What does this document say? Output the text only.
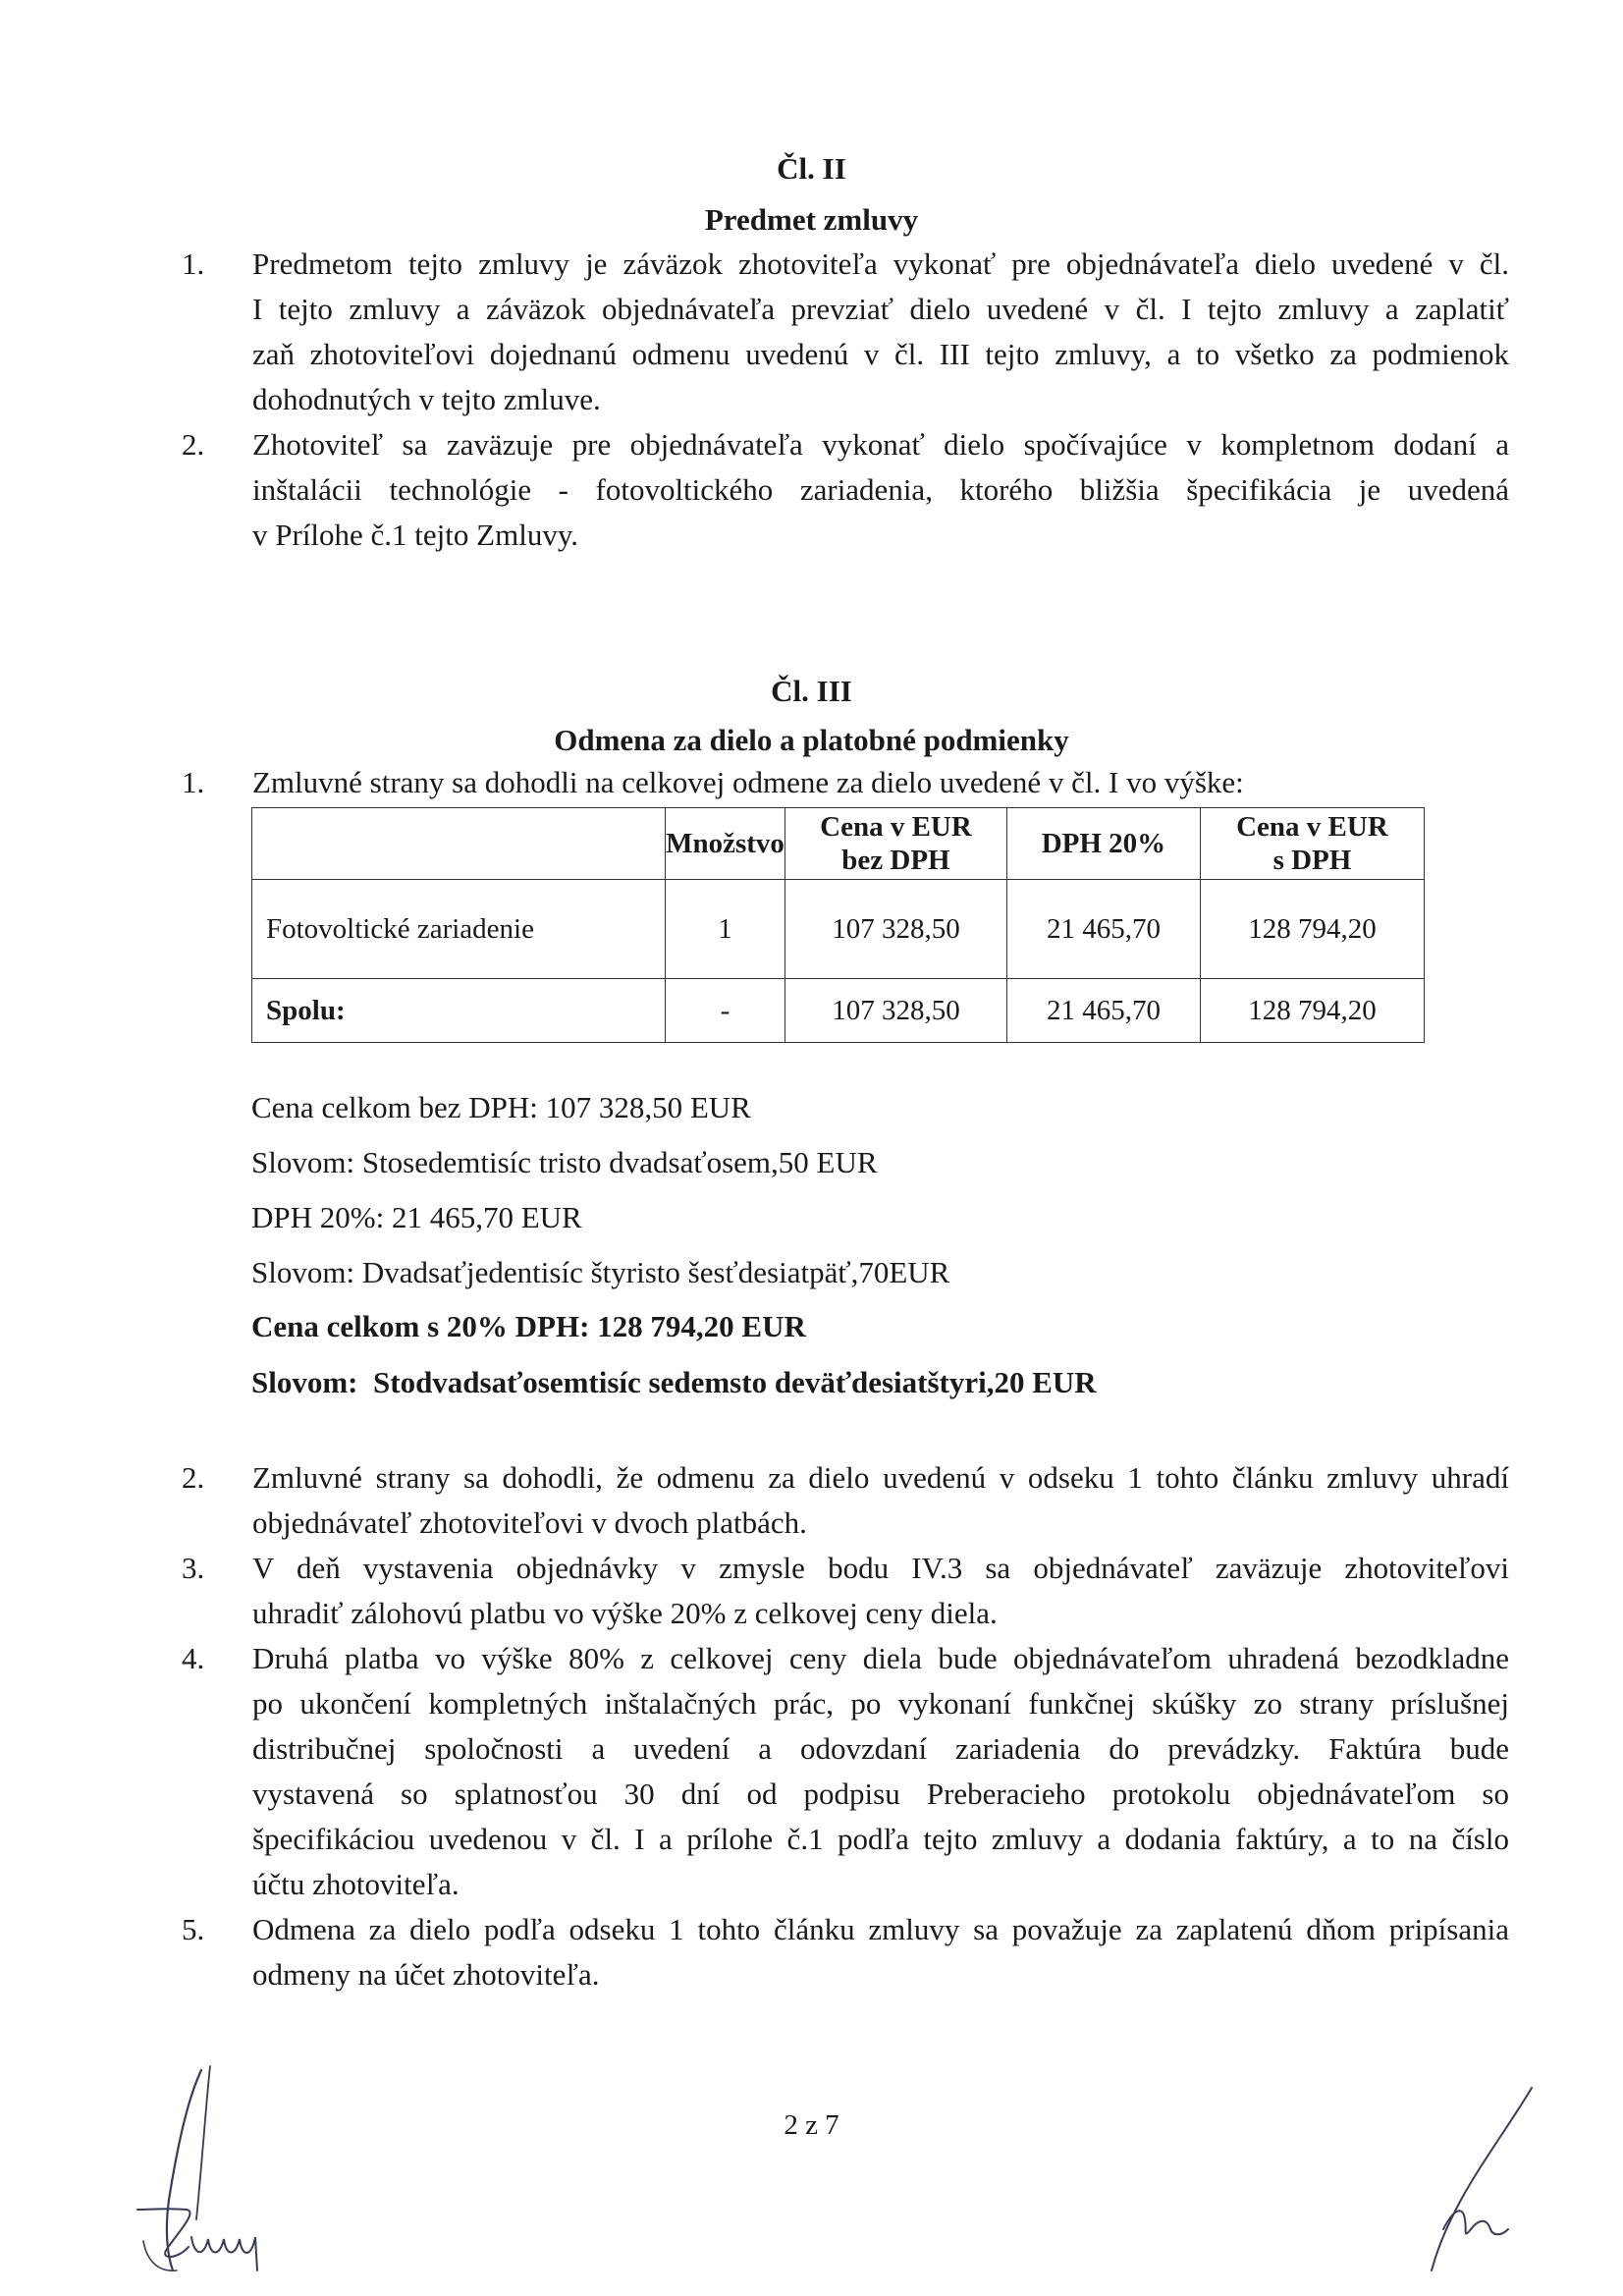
Čl. II
Predmet zmluvy
1.	Predmetom tejto zmluvy je záväzok zhotoviteľa vykonať pre objednávateľa dielo uvedené v čl.
I tejto zmluvy a záväzok objednávateľa prevziať dielo uvedené v čl. I tejto zmluvy a zaplatiť
zaň zhotoviteľovi dojednanú odmenu uvedenú v čl. III tejto zmluvy, a to všetko za podmienok
dohodnutých v tejto zmluve.
2.	Zhotoviteľ sa zaväzuje pre objednávateľa vykonať dielo spočívajúce v kompletnom dodaní a
inštalácii technológie - fotovoltického zariadenia, ktorého bližšia špecifikácia je uvedená
v Prílohe č.1 tejto Zmluvy.
Čl. III
Odmena za dielo a platobné podmienky
1.	Zmluvné strany sa dohodli na celkovej odmene za dielo uvedené v čl. I vo výške:
	Množstvo	Cena v EUR
bez DPH	DPH 20%	Cena v EUR
s DPH
Fotovoltické zariadenie	1	107 328,50	21 465,70	128 794,20
Spolu:	-	107 328,50	21 465,70	128 794,20
Cena celkom bez DPH: 107 328,50 EUR
Slovom: Stosedemtisíc tristo dvadsaťosem,50 EUR
DPH 20%: 21 465,70 EUR
Slovom: Dvadsaťjedentisíc štyristo šesťdesiatpäť,70EUR
Cena celkom s 20% DPH: 128 794,20 EUR
Slovom:  Stodvadsaťosemtisíc sedemsto deväťdesiatštyri,20 EUR
2.	Zmluvné strany sa dohodli, že odmenu za dielo uvedenú v odseku 1 tohto článku zmluvy uhradí
objednávateľ zhotoviteľovi v dvoch platbách.
3.	V deň vystavenia objednávky v zmysle bodu IV.3 sa objednávateľ zaväzuje zhotoviteľovi
uhradiť zálohovú platbu vo výške 20% z celkovej ceny diela.
4.	Druhá platba vo výške 80% z celkovej ceny diela bude objednávateľom uhradená bezodkladne
po ukončení kompletných inštalačných prác, po vykonaní funkčnej skúšky zo strany príslušnej
distribučnej spoločnosti a uvedení a odovzdaní zariadenia do prevádzky. Faktúra bude
vystavená so splatnosťou 30 dní od podpisu Preberacieho protokolu objednávateľom so
špecifikáciou uvedenou v čl. I a prílohe č.1 podľa tejto zmluvy a dodania faktúry, a to na číslo
účtu zhotoviteľa.
5.	Odmena za dielo podľa odseku 1 tohto článku zmluvy sa považuje za zaplatenú dňom pripísania
odmeny na účet zhotoviteľa.
2 z 7
